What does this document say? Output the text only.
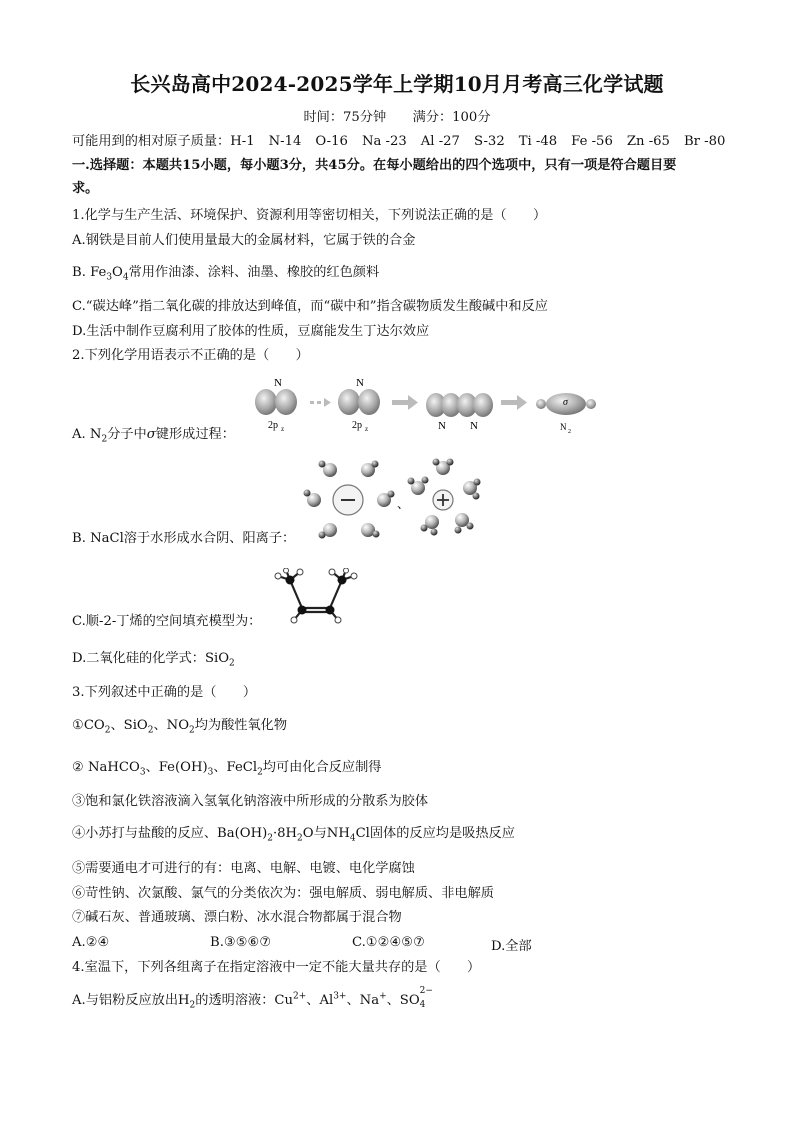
长兴岛高中2024-2025学年上学期10月月考高三化学试题
时间：75分钟 满分：100分
可能用到的相对原子质量：H-1 N-14 O-16 Na -23 Al -27 S-32 Ti -48 Fe -56 Zn -65 Br -80
一.选择题：本题共15小题，每小题3分，共45分。在每小题给出的四个选项中，只有一项是符合题目要
求。
1.化学与生产生活、环境保护、资源利用等密切相关，下列说法正确的是（　　）
A.钢铁是目前人们使用量最大的金属材料，它属于铁的合金
B. $Fe_3O_4$常用作油漆、涂料、油墨、橡胶的红色颜料
C.“碳达峰”指二氧化碳的排放达到峰值，而“碳中和”指含碳物质发生酸碱中和反应
D.生活中制作豆腐利用了胶体的性质，豆腐能发生丁达尔效应
2.下列化学用语表示不正确的是（　　）
N
2p z
N
2p z	N N
σ
N 2
A. $N_2$分子中σ键形成过程：
、
B. NaCl溶于水形成水合阴、阳离子：
C.顺-2-丁烯的空间填充模型为：
D.二氧化硅的化学式：SiO$_2$
3.下列叙述中正确的是（　　）
$①CO_2$、SiO$_2$、$NO_2$均为酸性氧化物
② NaHCO$_3$、$Fe(OH)_3$、FeCl$_2$均可由化合反应制得
③饱和氯化铁溶液滴入氢氧化钠溶液中所形成的分散系为胶体
④小苏打与盐酸的反应、$Ba(OH)_2\cdot 8H_2O$与$NH_4Cl$固体的反应均是吸热反应
⑤需要通电才可进行的有：电离、电解、电镀、电化学腐蚀
⑥苛性钠、次氯酸、氯气的分类依次为：强电解质、弱电解质、非电解质
⑦碱石灰、普通玻璃、漂白粉、冰水混合物都属于混合物
A.②④	B.③⑤⑥⑦	C.①②④⑤⑦	D.全部
4.室温下，下列各组离子在指定溶液中一定不能大量共存的是（　　）
A.与铝粉反应放出$H_2$的透明溶液：$Cu^{2+}$、$Al^{3+}$、Na+、SO
2−
4
